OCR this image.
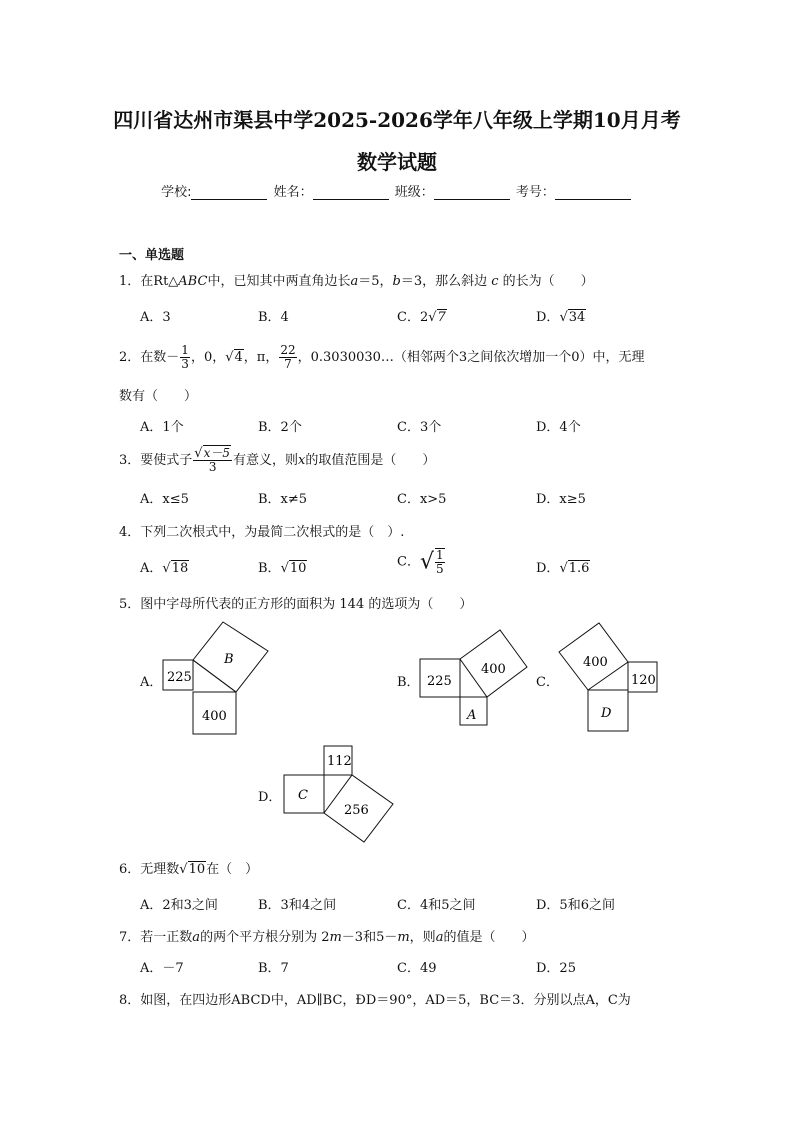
四川省达州市渠县中学2025-2026学年八年级上学期10月月考
数学试题
学校:	姓名：	班级：	考号：
一、单选题
1．在Rt△ABC中，已知其中两直角边长a＝5，b＝3，那么斜边 c 的长为（　　）
A．3	B．4	C．2√7	D．√34
2．在数－ $\frac{1}{3}$ ，0，√4，π， $\frac{22}{7}$ ，0.3030030…（相邻两个3之间依次增加一个0）中，无理
数有（　　）
A．1个	B．2个	C．3个	D．4个
3．要使式子 $\frac{√x-5}{3}$ 有意义，则x的取值范围是（　　）
A．x≤5	B．x≠5	C．x>5	D．x≥5
4．下列二次根式中，为最简二次根式的是（　）.
A．√18	B．√10	C．√ $\frac{1}{5}$	D．√1.6
5．图中字母所代表的正方形的面积为 144 的选项为（　　）
A． 225
B
400
B． 225
400
A
C．
400
120
D
D．
112
C
256
6．无理数√10在（　）
A．2和3之间	B．3和4之间	C．4和5之间	D．5和6之间
7．若一正数a的两个平方根分别为 2m－3和5－m，则a的值是（　　）
A．－7	B．7	C．49	D．25
8．如图，在四边形ABCD中，AD∥BC，ÐD＝90°，AD＝5，BC＝3．分别以点A，C为
